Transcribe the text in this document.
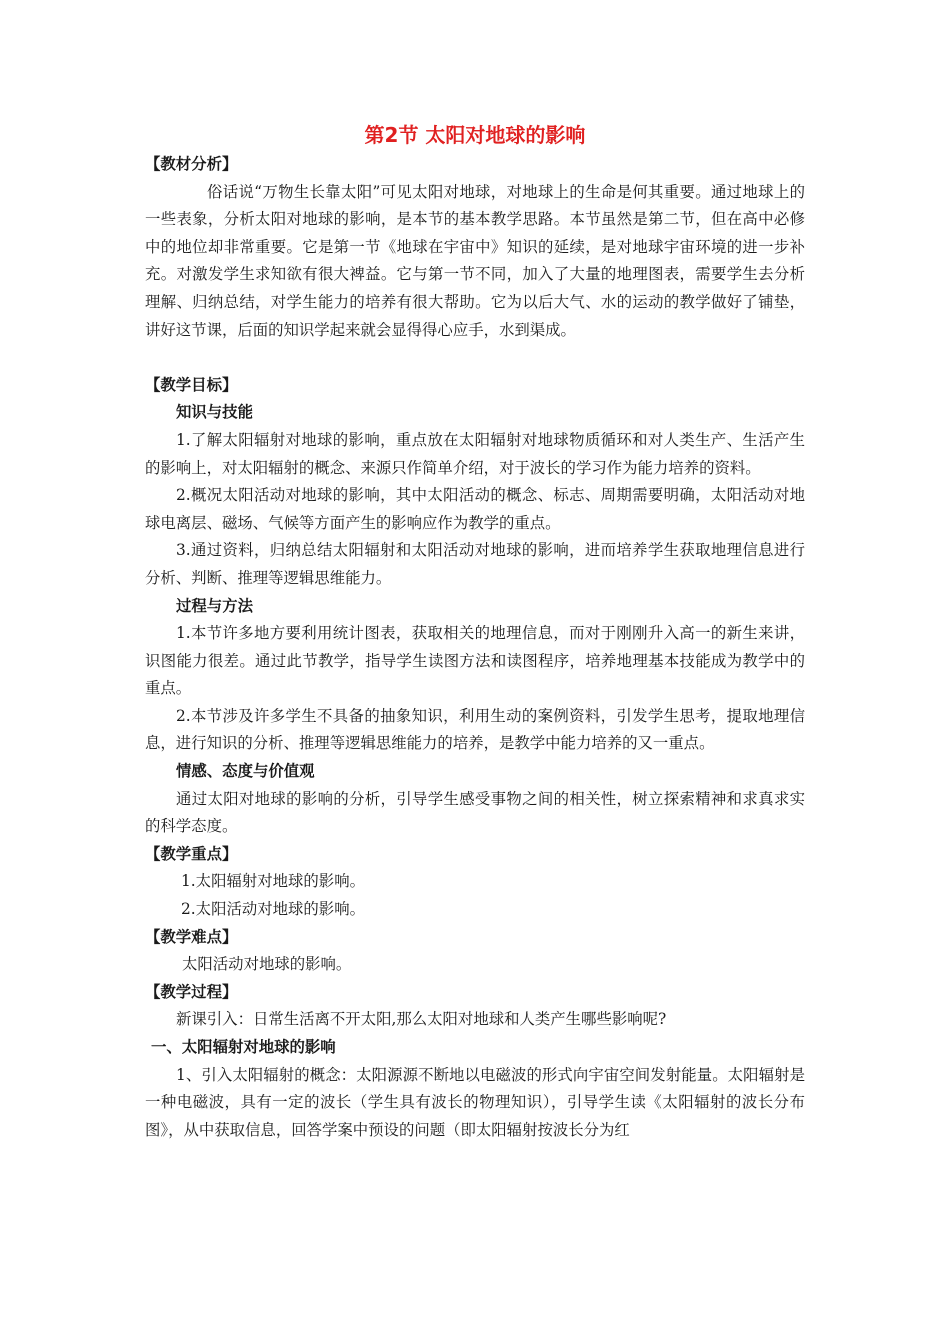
第2节 太阳对地球的影响

【教材分析】

俗话说“万物生长靠太阳”可见太阳对地球，对地球上的生命是何其重要。通过地球上的一些表象，分析太阳对地球的影响，是本节的基本教学思路。本节虽然是第二节，但在高中必修中的地位却非常重要。它是第一节《地球在宇宙中》知识的延续，是对地球宇宙环境的进一步补充。对激发学生求知欲有很大裨益。它与第一节不同，加入了大量的地理图表，需要学生去分析理解、归纳总结，对学生能力的培养有很大帮助。它为以后大气、水的运动的教学做好了铺垫，讲好这节课，后面的知识学起来就会显得得心应手，水到渠成。

【教学目标】

知识与技能

1.了解太阳辐射对地球的影响，重点放在太阳辐射对地球物质循环和对人类生产、生活产生的影响上，对太阳辐射的概念、来源只作简单介绍，对于波长的学习作为能力培养的资料。

2.概况太阳活动对地球的影响，其中太阳活动的概念、标志、周期需要明确，太阳活动对地球电离层、磁场、气候等方面产生的影响应作为教学的重点。

3.通过资料，归纳总结太阳辐射和太阳活动对地球的影响，进而培养学生获取地理信息进行分析、判断、推理等逻辑思维能力。

过程与方法

1.本节许多地方要利用统计图表，获取相关的地理信息，而对于刚刚升入高一的新生来讲，识图能力很差。通过此节教学，指导学生读图方法和读图程序，培养地理基本技能成为教学中的重点。

2.本节涉及许多学生不具备的抽象知识，利用生动的案例资料，引发学生思考，提取地理信息，进行知识的分析、推理等逻辑思维能力的培养，是教学中能力培养的又一重点。

情感、态度与价值观

通过太阳对地球的影响的分析，引导学生感受事物之间的相关性，树立探索精神和求真求实的科学态度。

【教学重点】

1.太阳辐射对地球的影响。

2.太阳活动对地球的影响。

【教学难点】

太阳活动对地球的影响。

【教学过程】

新课引入：日常生活离不开太阳,那么太阳对地球和人类产生哪些影响呢?

一、太阳辐射对地球的影响

1、引入太阳辐射的概念：太阳源源不断地以电磁波的形式向宇宙空间发射能量。太阳辐射是一种电磁波，具有一定的波长（学生具有波长的物理知识），引导学生读《太阳辐射的波长分布图》，从中获取信息，回答学案中预设的问题（即太阳辐射按波长分为红
